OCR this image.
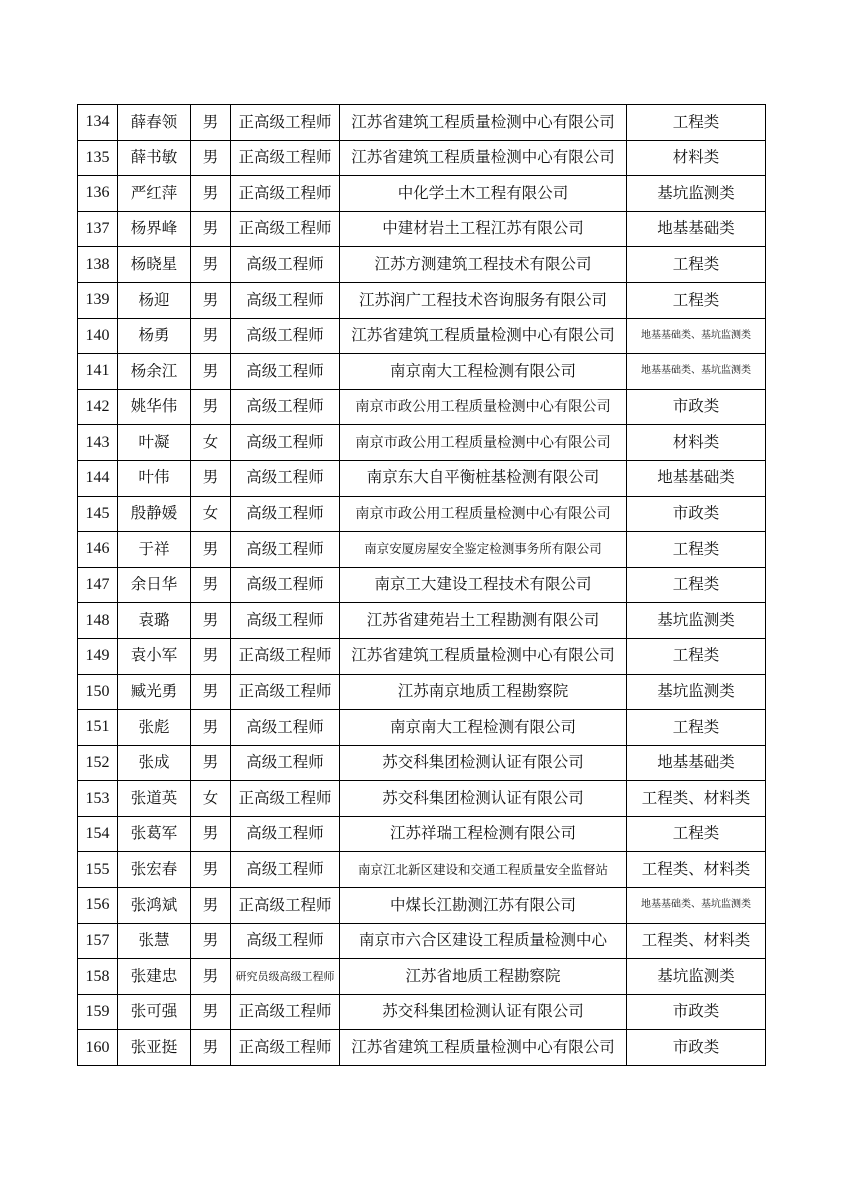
134	薛春领	男	正高级工程师	江苏省建筑工程质量检测中心有限公司	工程类
135	薛书敏	男	正高级工程师	江苏省建筑工程质量检测中心有限公司	材料类
136	严红萍	男	正高级工程师	中化学土木工程有限公司	基坑监测类
137	杨界峰	男	正高级工程师	中建材岩土工程江苏有限公司	地基基础类
138	杨晓星	男	高级工程师	江苏方测建筑工程技术有限公司	工程类
139	杨迎	男	高级工程师	江苏润广工程技术咨询服务有限公司	工程类
140	杨勇	男	高级工程师	江苏省建筑工程质量检测中心有限公司	地基基础类、基坑监测类
141	杨余江	男	高级工程师	南京南大工程检测有限公司	地基基础类、基坑监测类
142	姚华伟	男	高级工程师	南京市政公用工程质量检测中心有限公司	市政类
143	叶凝	女	高级工程师	南京市政公用工程质量检测中心有限公司	材料类
144	叶伟	男	高级工程师	南京东大自平衡桩基检测有限公司	地基基础类
145	殷静媛	女	高级工程师	南京市政公用工程质量检测中心有限公司	市政类
146	于祥	男	高级工程师	南京安厦房屋安全鉴定检测事务所有限公司	工程类
147	余日华	男	高级工程师	南京工大建设工程技术有限公司	工程类
148	袁璐	男	高级工程师	江苏省建苑岩土工程勘测有限公司	基坑监测类
149	袁小军	男	正高级工程师	江苏省建筑工程质量检测中心有限公司	工程类
150	臧光勇	男	正高级工程师	江苏南京地质工程勘察院	基坑监测类
151	张彪	男	高级工程师	南京南大工程检测有限公司	工程类
152	张成	男	高级工程师	苏交科集团检测认证有限公司	地基基础类
153	张道英	女	正高级工程师	苏交科集团检测认证有限公司	工程类、材料类
154	张葛军	男	高级工程师	江苏祥瑞工程检测有限公司	工程类
155	张宏春	男	高级工程师	南京江北新区建设和交通工程质量安全监督站	工程类、材料类
156	张鸿斌	男	正高级工程师	中煤长江勘测江苏有限公司	地基基础类、基坑监测类
157	张慧	男	高级工程师	南京市六合区建设工程质量检测中心	工程类、材料类
158	张建忠	男	研究员级高级工程师	江苏省地质工程勘察院	基坑监测类
159	张可强	男	正高级工程师	苏交科集团检测认证有限公司	市政类
160	张亚挺	男	正高级工程师	江苏省建筑工程质量检测中心有限公司	市政类
